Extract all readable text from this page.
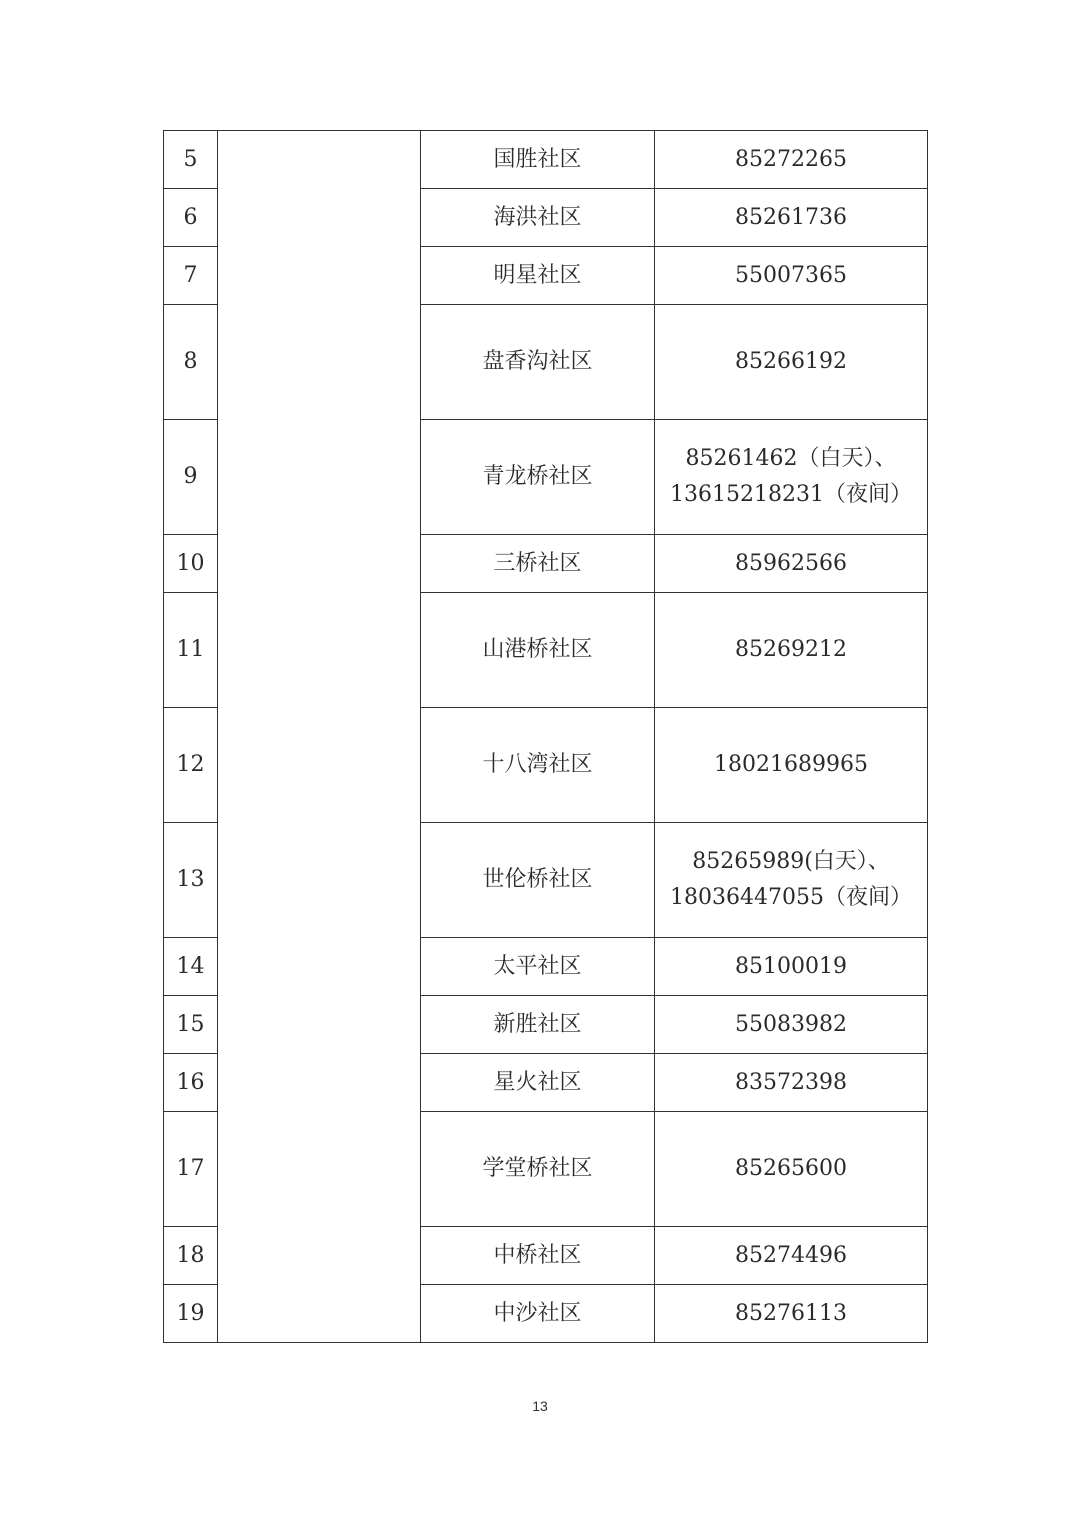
5		国胜社区	85272265

6		海洪社区	85261736

7		明星社区	55007365

8		盘香沟社区	85266192

9		青龙桥社区	85261462（白天）、
13615218231（夜间）

10		三桥社区	85962566

11		山港桥社区	85269212

12		十八湾社区	18021689965

13		世伦桥社区	85265989(白天）、
18036447055（夜间）

14		太平社区	85100019

15		新胜社区	55083982

16		星火社区	83572398

17		学堂桥社区	85265600

18		中桥社区	85274496

19		中沙社区	85276113
13
